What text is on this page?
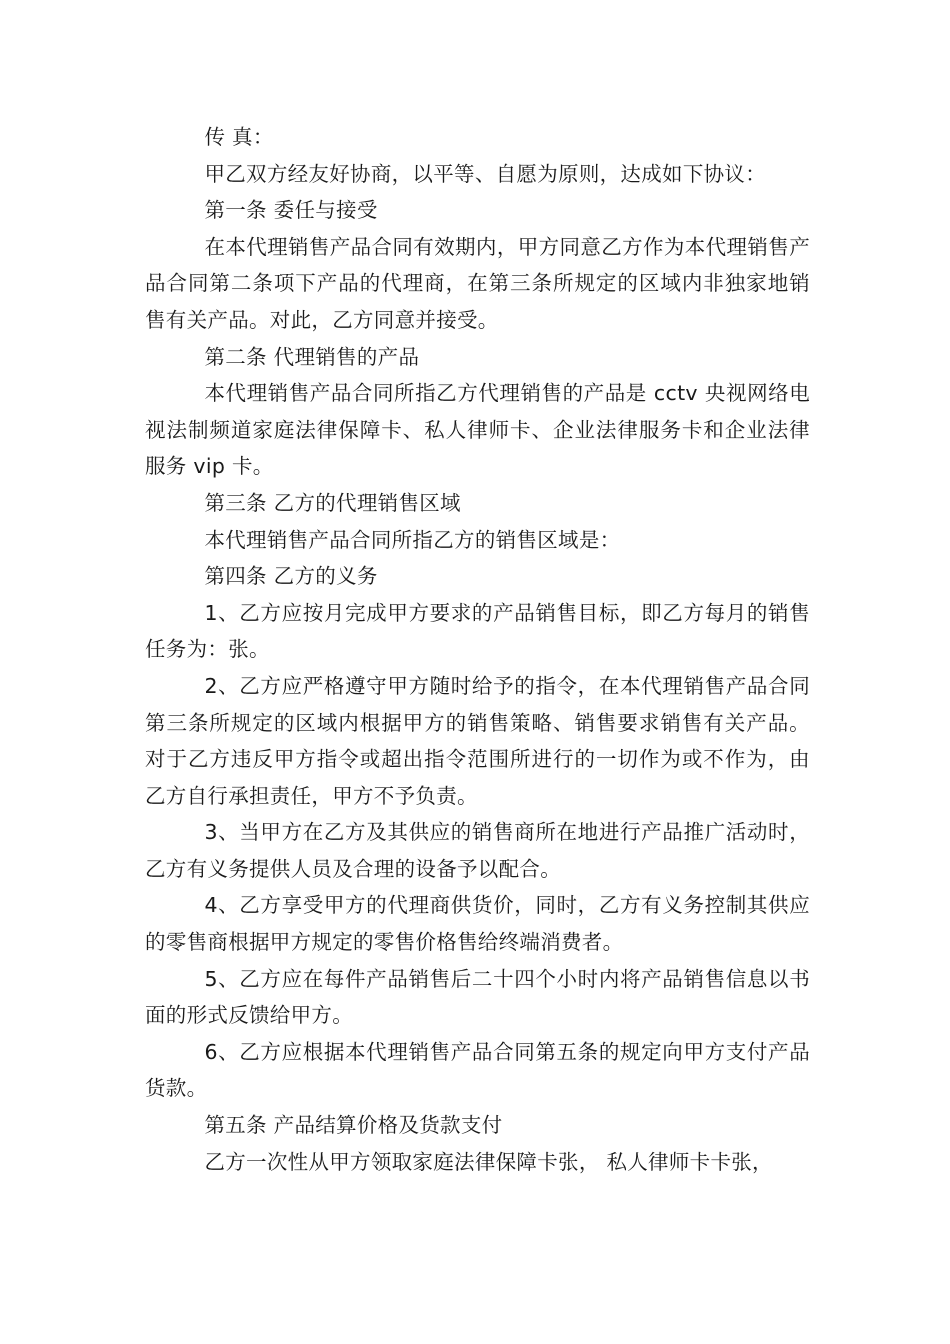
传 真：

甲乙双方经友好协商，以平等、自愿为原则，达成如下协议：

第一条 委任与接受

在本代理销售产品合同有效期内，甲方同意乙方作为本代理销售产品合同第二条项下产品的代理商，在第三条所规定的区域内非独家地销售有关产品。对此，乙方同意并接受。

第二条 代理销售的产品

本代理销售产品合同所指乙方代理销售的产品是 cctv 央视网络电视法制频道家庭法律保障卡、私人律师卡、企业法律服务卡和企业法律服务 vip 卡。

第三条 乙方的代理销售区域

本代理销售产品合同所指乙方的销售区域是：

第四条 乙方的义务

1、乙方应按月完成甲方要求的产品销售目标，即乙方每月的销售任务为：张。

2、乙方应严格遵守甲方随时给予的指令，在本代理销售产品合同第三条所规定的区域内根据甲方的销售策略、销售要求销售有关产品。对于乙方违反甲方指令或超出指令范围所进行的一切作为或不作为，由乙方自行承担责任，甲方不予负责。

3、当甲方在乙方及其供应的销售商所在地进行产品推广活动时，乙方有义务提供人员及合理的设备予以配合。

4、乙方享受甲方的代理商供货价，同时，乙方有义务控制其供应的零售商根据甲方规定的零售价格售给终端消费者。

5、乙方应在每件产品销售后二十四个小时内将产品销售信息以书面的形式反馈给甲方。

6、乙方应根据本代理销售产品合同第五条的规定向甲方支付产品货款。

第五条 产品结算价格及货款支付

乙方一次性从甲方领取家庭法律保障卡张， 私人律师卡卡张，
